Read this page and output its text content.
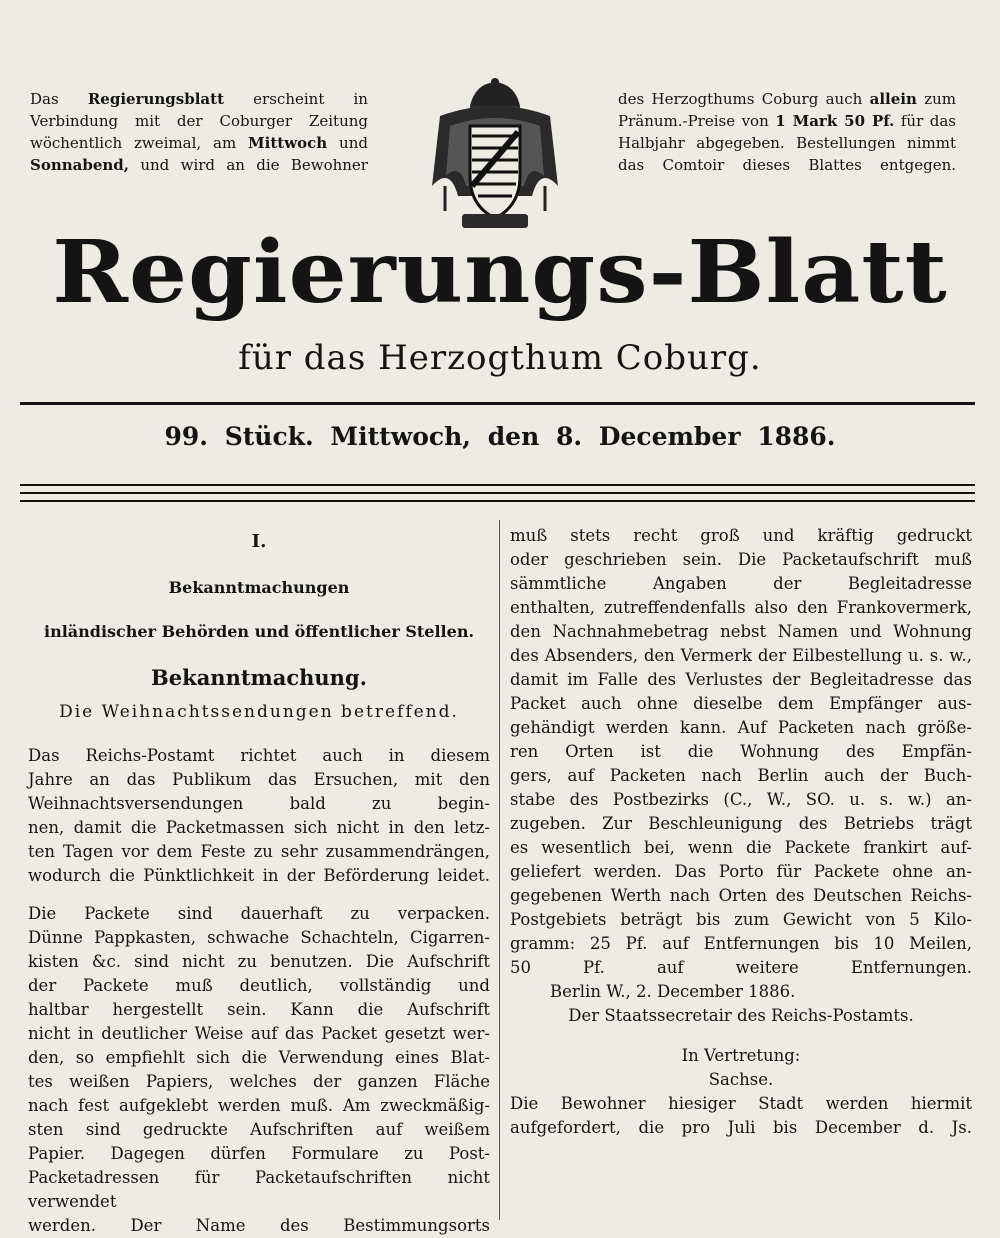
Das Regierungsblatt erscheint in Verbindung mit der Coburger Zeitung wöchentlich zweimal, am Mittwoch und Sonnabend, und wird an die Bewohner
des Herzogthums Coburg auch allein zum Pränum.-Preise von 1 Mark 50 Pf. für das Halbjahr abgegeben. Bestellungen nimmt das Comtoir dieses Blattes entgegen.
Regierungs-Blatt
für das Herzogthum Coburg.
99. Stück. Mittwoch, den 8. December 1886.
I.
Bekanntmachungen
inländischer Behörden und öffentlicher Stellen.
Bekanntmachung.
Die Weihnachtssendungen betreffend.

Das Reichs-Postamt richtet auch in diesem

Jahre an das Publikum das Ersuchen, mit den

Weihnachtsversendungen bald zu begin-

nen, damit die Packetmassen sich nicht in den letz-

ten Tagen vor dem Feste zu sehr zusammendrängen,

wodurch die Pünktlichkeit in der Beförderung leidet.

Die Packete sind dauerhaft zu verpacken.

Dünne Pappkasten, schwache Schachteln, Cigarren-

kisten &c. sind nicht zu benutzen. Die Aufschrift

der Packete muß deutlich, vollständig und

haltbar hergestellt sein. Kann die Aufschrift

nicht in deutlicher Weise auf das Packet gesetzt wer-

den, so empfiehlt sich die Verwendung eines Blat-

tes weißen Papiers, welches der ganzen Fläche

nach fest aufgeklebt werden muß. Am zweckmäßig-

sten sind gedruckte Aufschriften auf weißem

Papier. Dagegen dürfen Formulare zu Post-

Packetadressen für Packetaufschriften nicht verwendet

werden. Der Name des Bestimmungsorts

muß stets recht groß und kräftig gedruckt

oder geschrieben sein. Die Packetaufschrift muß

sämmtliche Angaben der Begleitadresse

enthalten, zutreffendenfalls also den Frankovermerk,

den Nachnahmebetrag nebst Namen und Wohnung

des Absenders, den Vermerk der Eilbestellung u. s. w.,

damit im Falle des Verlustes der Begleitadresse das

Packet auch ohne dieselbe dem Empfänger aus-

gehändigt werden kann. Auf Packeten nach größe-

ren Orten ist die Wohnung des Empfän-

gers, auf Packeten nach Berlin auch der Buch-

stabe des Postbezirks (C., W., SO. u. s. w.) an-

zugeben. Zur Beschleunigung des Betriebs trägt

es wesentlich bei, wenn die Packete frankirt auf-

geliefert werden. Das Porto für Packete ohne an-

gegebenen Werth nach Orten des Deutschen Reichs-

Postgebiets beträgt bis zum Gewicht von 5 Kilo-

gramm: 25 Pf. auf Entfernungen bis 10 Meilen,

50 Pf. auf weitere Entfernungen.

Berlin W., 2. December 1886.

Der Staatssecretair des Reichs-Postamts.

In Vertretung:

Sachse.

Die Bewohner hiesiger Stadt werden hiermit

aufgefordert, die pro Juli bis December d. Js.
